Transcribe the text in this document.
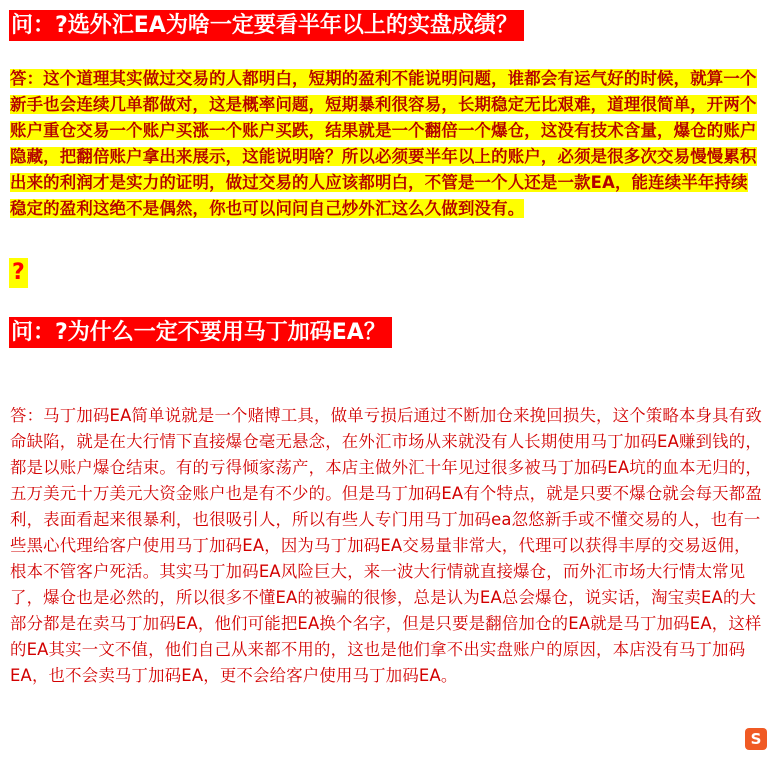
问：?选外汇EA为啥一定要看半年以上的实盘成绩？
答：这个道理其实做过交易的人都明白，短期的盈利不能说明问题，谁都会有运气好的时候，就算一个新手也会连续几单都做对，这是概率问题，短期暴利很容易，长期稳定无比艰难，道理很简单，开两个账户重仓交易一个账户买涨一个账户买跌，结果就是一个翻倍一个爆仓，这没有技术含量，爆仓的账户隐藏，把翻倍账户拿出来展示，这能说明啥？所以必须要半年以上的账户，必须是很多次交易慢慢累积出来的利润才是实力的证明，做过交易的人应该都明白，不管是一个人还是一款EA，能连续半年持续稳定的盈利这绝不是偶然，你也可以问问自己炒外汇这么久做到没有。
?
问：?为什么一定不要用马丁加码EA？
答：马丁加码EA简单说就是一个赌博工具，做单亏损后通过不断加仓来挽回损失，这个策略本身具有致命缺陷，就是在大行情下直接爆仓毫无悬念，在外汇市场从来就没有人长期使用马丁加码EA赚到钱的，都是以账户爆仓结束。有的亏得倾家荡产，本店主做外汇十年见过很多被马丁加码EA坑的血本无归的，五万美元十万美元大资金账户也是有不少的。但是马丁加码EA有个特点，就是只要不爆仓就会每天都盈利，表面看起来很暴利，也很吸引人，所以有些人专门用马丁加码ea忽悠新手或不懂交易的人，也有一些黑心代理给客户使用马丁加码EA，因为马丁加码EA交易量非常大，代理可以获得丰厚的交易返佣，根本不管客户死活。其实马丁加码EA风险巨大，来一波大行情就直接爆仓，而外汇市场大行情太常见了，爆仓也是必然的，所以很多不懂EA的被骗的很惨，总是认为EA总会爆仓，说实话，淘宝卖EA的大部分都是在卖马丁加码EA，他们可能把EA换个名字，但是只要是翻倍加仓的EA就是马丁加码EA，这样的EA其实一文不值，他们自己从来都不用的，这也是他们拿不出实盘账户的原因，本店没有马丁加码EA，也不会卖马丁加码EA，更不会给客户使用马丁加码EA。
S
